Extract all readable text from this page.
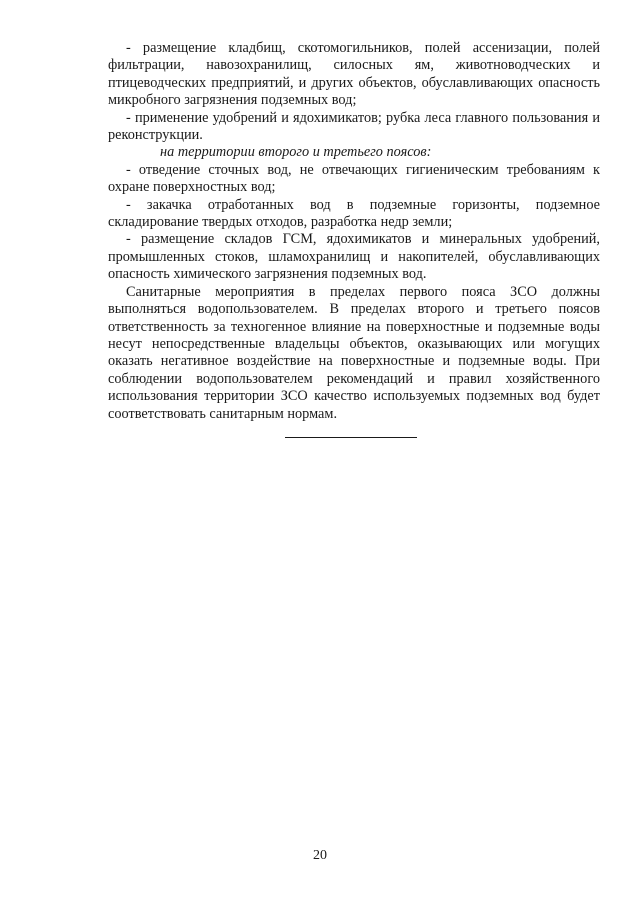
- размещение кладбищ, скотомогильников, полей ассенизации, полей фильтрации, навозохранилищ, силосных ям, животноводческих и птицеводческих предприятий, и других объектов, обуславливающих опасность микробного загрязнения подземных вод;

- применение удобрений и ядохимикатов; рубка леса главного пользования и реконструкции.

на территории второго и третьего поясов:

- отведение сточных вод, не отвечающих гигиеническим требованиям к охране поверхностных вод;

- закачка отработанных вод в подземные горизонты, подземное складирование твердых отходов, разработка недр земли;

- размещение складов ГСМ, ядохимикатов и минеральных удобрений, промышленных стоков, шламохранилищ и накопителей, обуславливающих опасность химического загрязнения подземных вод.

Санитарные мероприятия в пределах первого пояса ЗСО должны выполняться водопользователем. В пределах второго и третьего поясов ответственность за техногенное влияние на поверхностные и подземные воды несут непосредственные владельцы объектов, оказывающих или могущих оказать негативное воздействие на поверхностные и подземные воды. При соблюдении водопользователем рекомендаций и правил хозяйственного использования территории ЗСО качество используемых подземных вод будет соответствовать санитарным нормам.

20
